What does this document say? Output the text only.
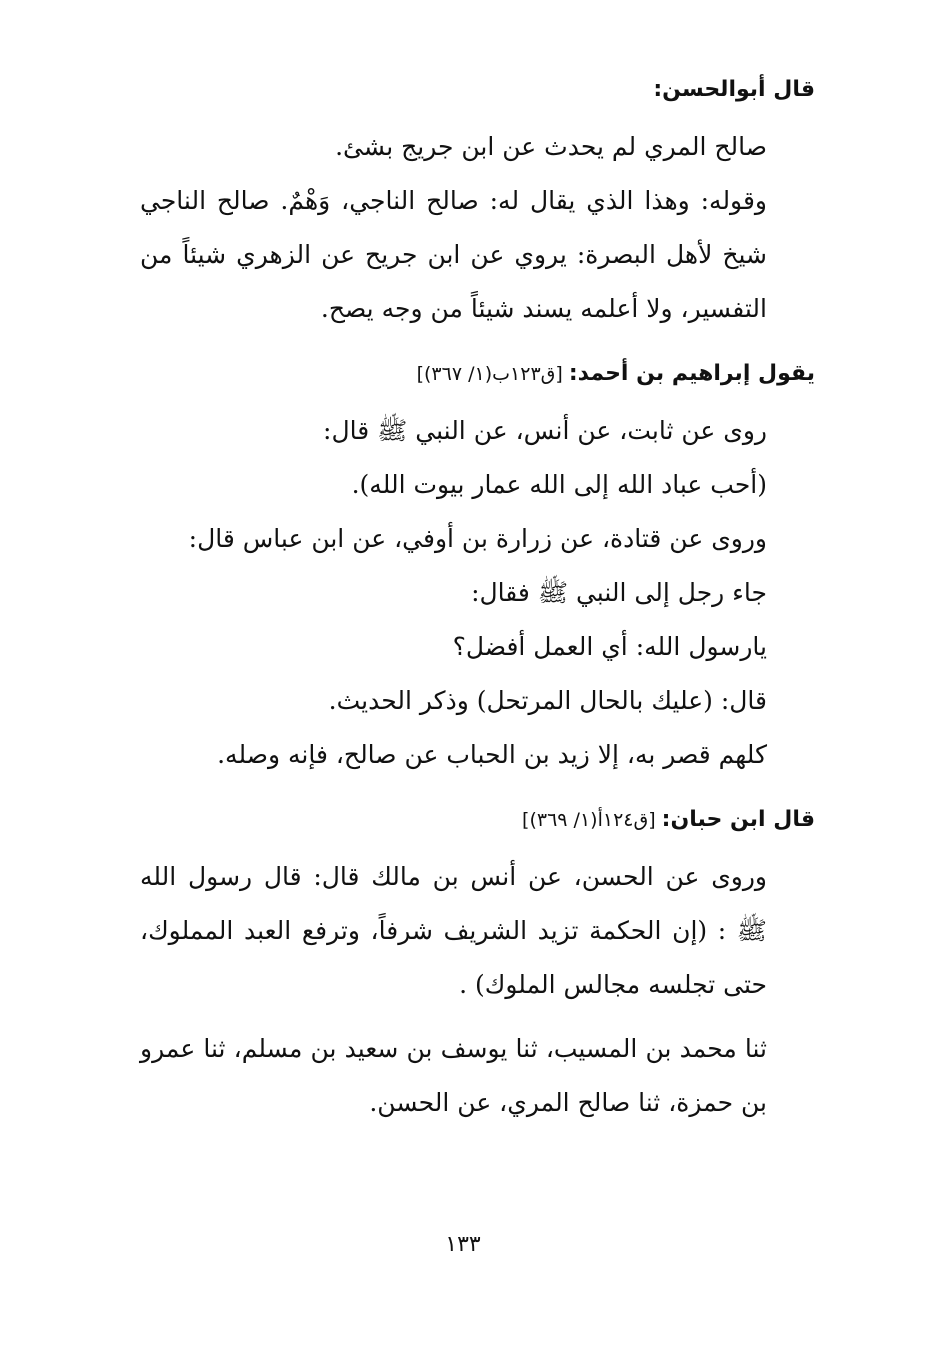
قال أبوالحسن:

صالح المري لم يحدث عن ابن جريج بشئ.

وقوله: وهذا الذي يقال له: صالح الناجي، وَهْمٌ. صالح الناجي شيخ لأهل البصرة: يروي عن ابن جريح عن الزهري شيئاً من التفسير، ولا أعلمه يسند شيئاً من وجه يصح.

يقول إبراهيم بن أحمد:[ق١٢٣ب(١/ ٣٦٧)]

روى عن ثابت، عن أنس، عن النبي ﷺ قال:

(أحب عباد الله إلى الله عمار بيوت الله).

وروى عن قتادة، عن زرارة بن أوفي، عن ابن عباس قال:

جاء رجل إلى النبي ﷺ فقال:

يارسول الله: أي العمل أفضل؟

قال: (عليك بالحال المرتحل) وذكر الحديث.

كلهم قصر به، إلا زيد بن الحباب عن صالح، فإنه وصله.

قال ابن حبان:[ق١٢٤أ(١/ ٣٦٩)]

وروى عن الحسن، عن أنس بن مالك قال: قال رسول الله ﷺ : (إن الحكمة تزيد الشريف شرفاً، وترفع العبد المملوك، حتى تجلسه مجالس الملوك) .

ثنا محمد بن المسيب، ثنا يوسف بن سعيد بن مسلم، ثنا عمرو بن حمزة، ثنا صالح المري، عن الحسن.

١٣٣
